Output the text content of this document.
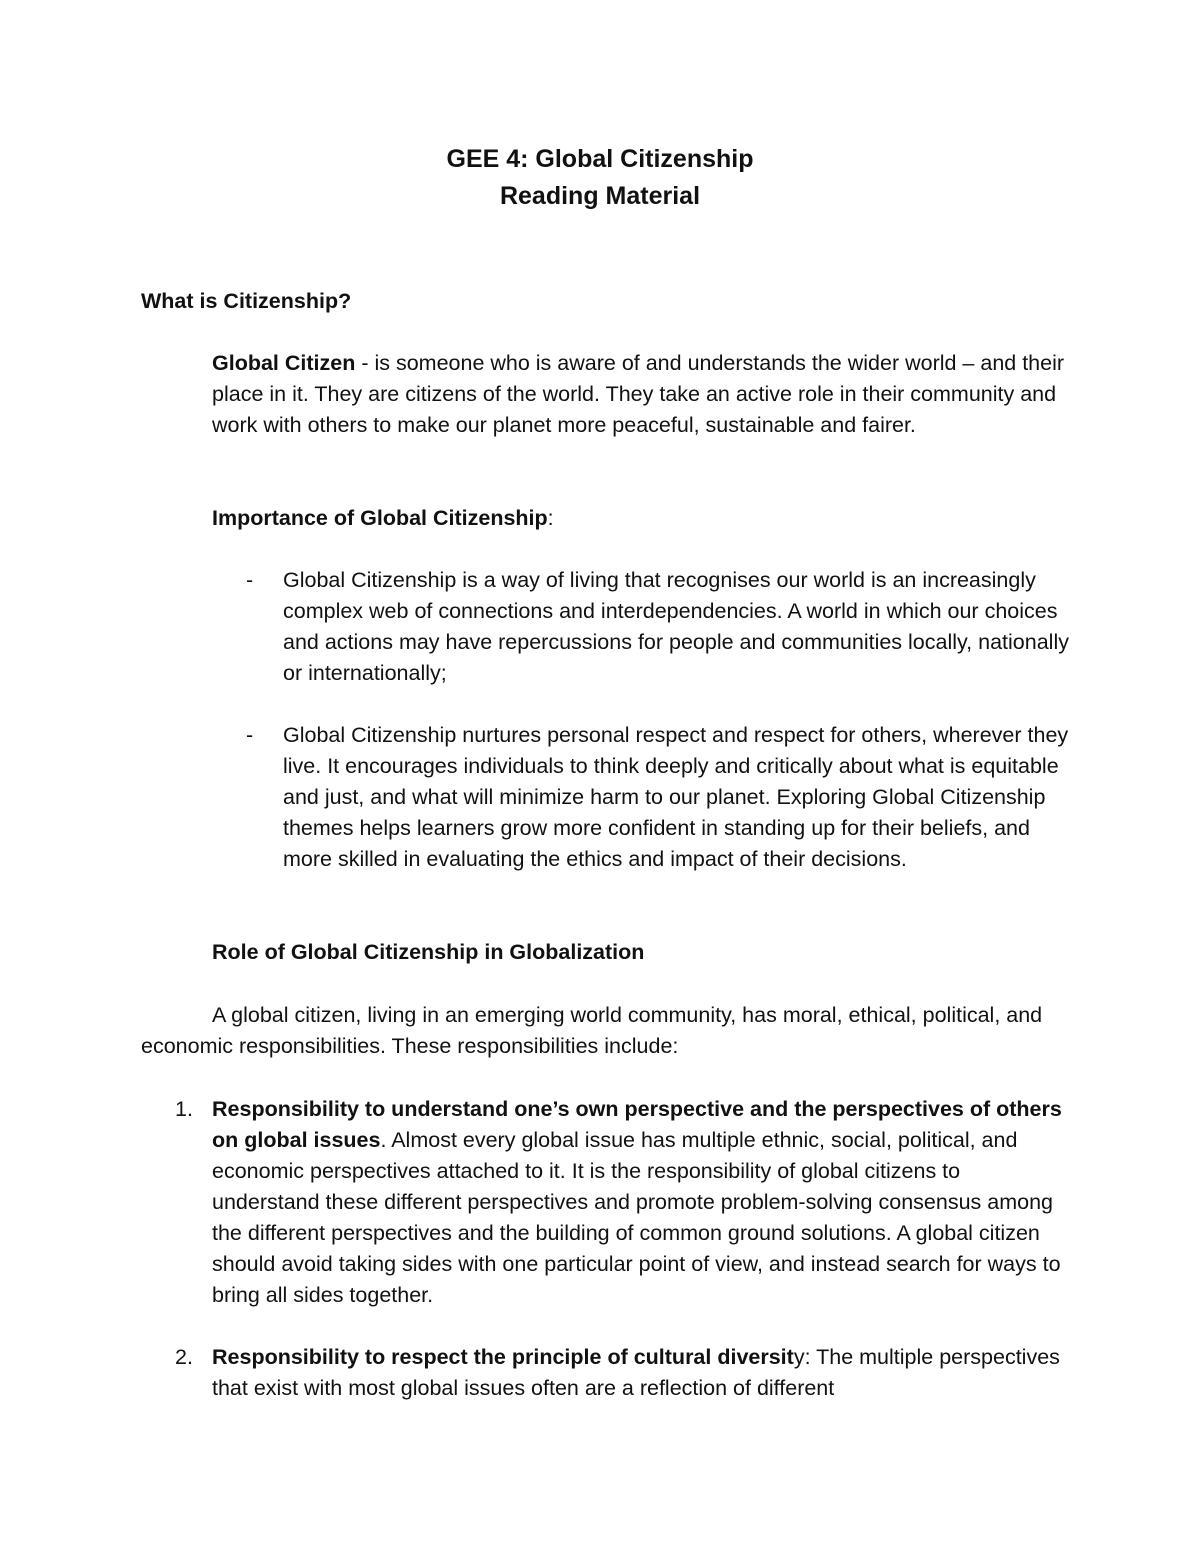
GEE 4: Global Citizenship
Reading Material
What is Citizenship?

Global Citizen - is someone who is aware of and understands the wider world – and their place in it. They are citizens of the world. They take an active role in their community and work with others to make our planet more peaceful, sustainable and fairer.

Importance of Global Citizenship:

- Global Citizenship is a way of living that recognises our world is an increasingly complex web of connections and interdependencies. A world in which our choices and actions may have repercussions for people and communities locally, nationally or internationally;
- Global Citizenship nurtures personal respect and respect for others, wherever they live. It encourages individuals to think deeply and critically about what is equitable and just, and what will minimize harm to our planet. Exploring Global Citizenship themes helps learners grow more confident in standing up for their beliefs, and more skilled in evaluating the ethics and impact of their decisions.

Role of Global Citizenship in Globalization

A global citizen, living in an emerging world community, has moral, ethical, political, and economic responsibilities. These responsibilities include:

1. Responsibility to understand one’s own perspective and the perspectives of others on global issues. Almost every global issue has multiple ethnic, social, political, and economic perspectives attached to it. It is the responsibility of global citizens to understand these different perspectives and promote problem-solving consensus among the different perspectives and the building of common ground solutions. A global citizen should avoid taking sides with one particular point of view, and instead search for ways to bring all sides together.
2. Responsibility to respect the principle of cultural diversity: The multiple perspectives that exist with most global issues often are a reflection of different
